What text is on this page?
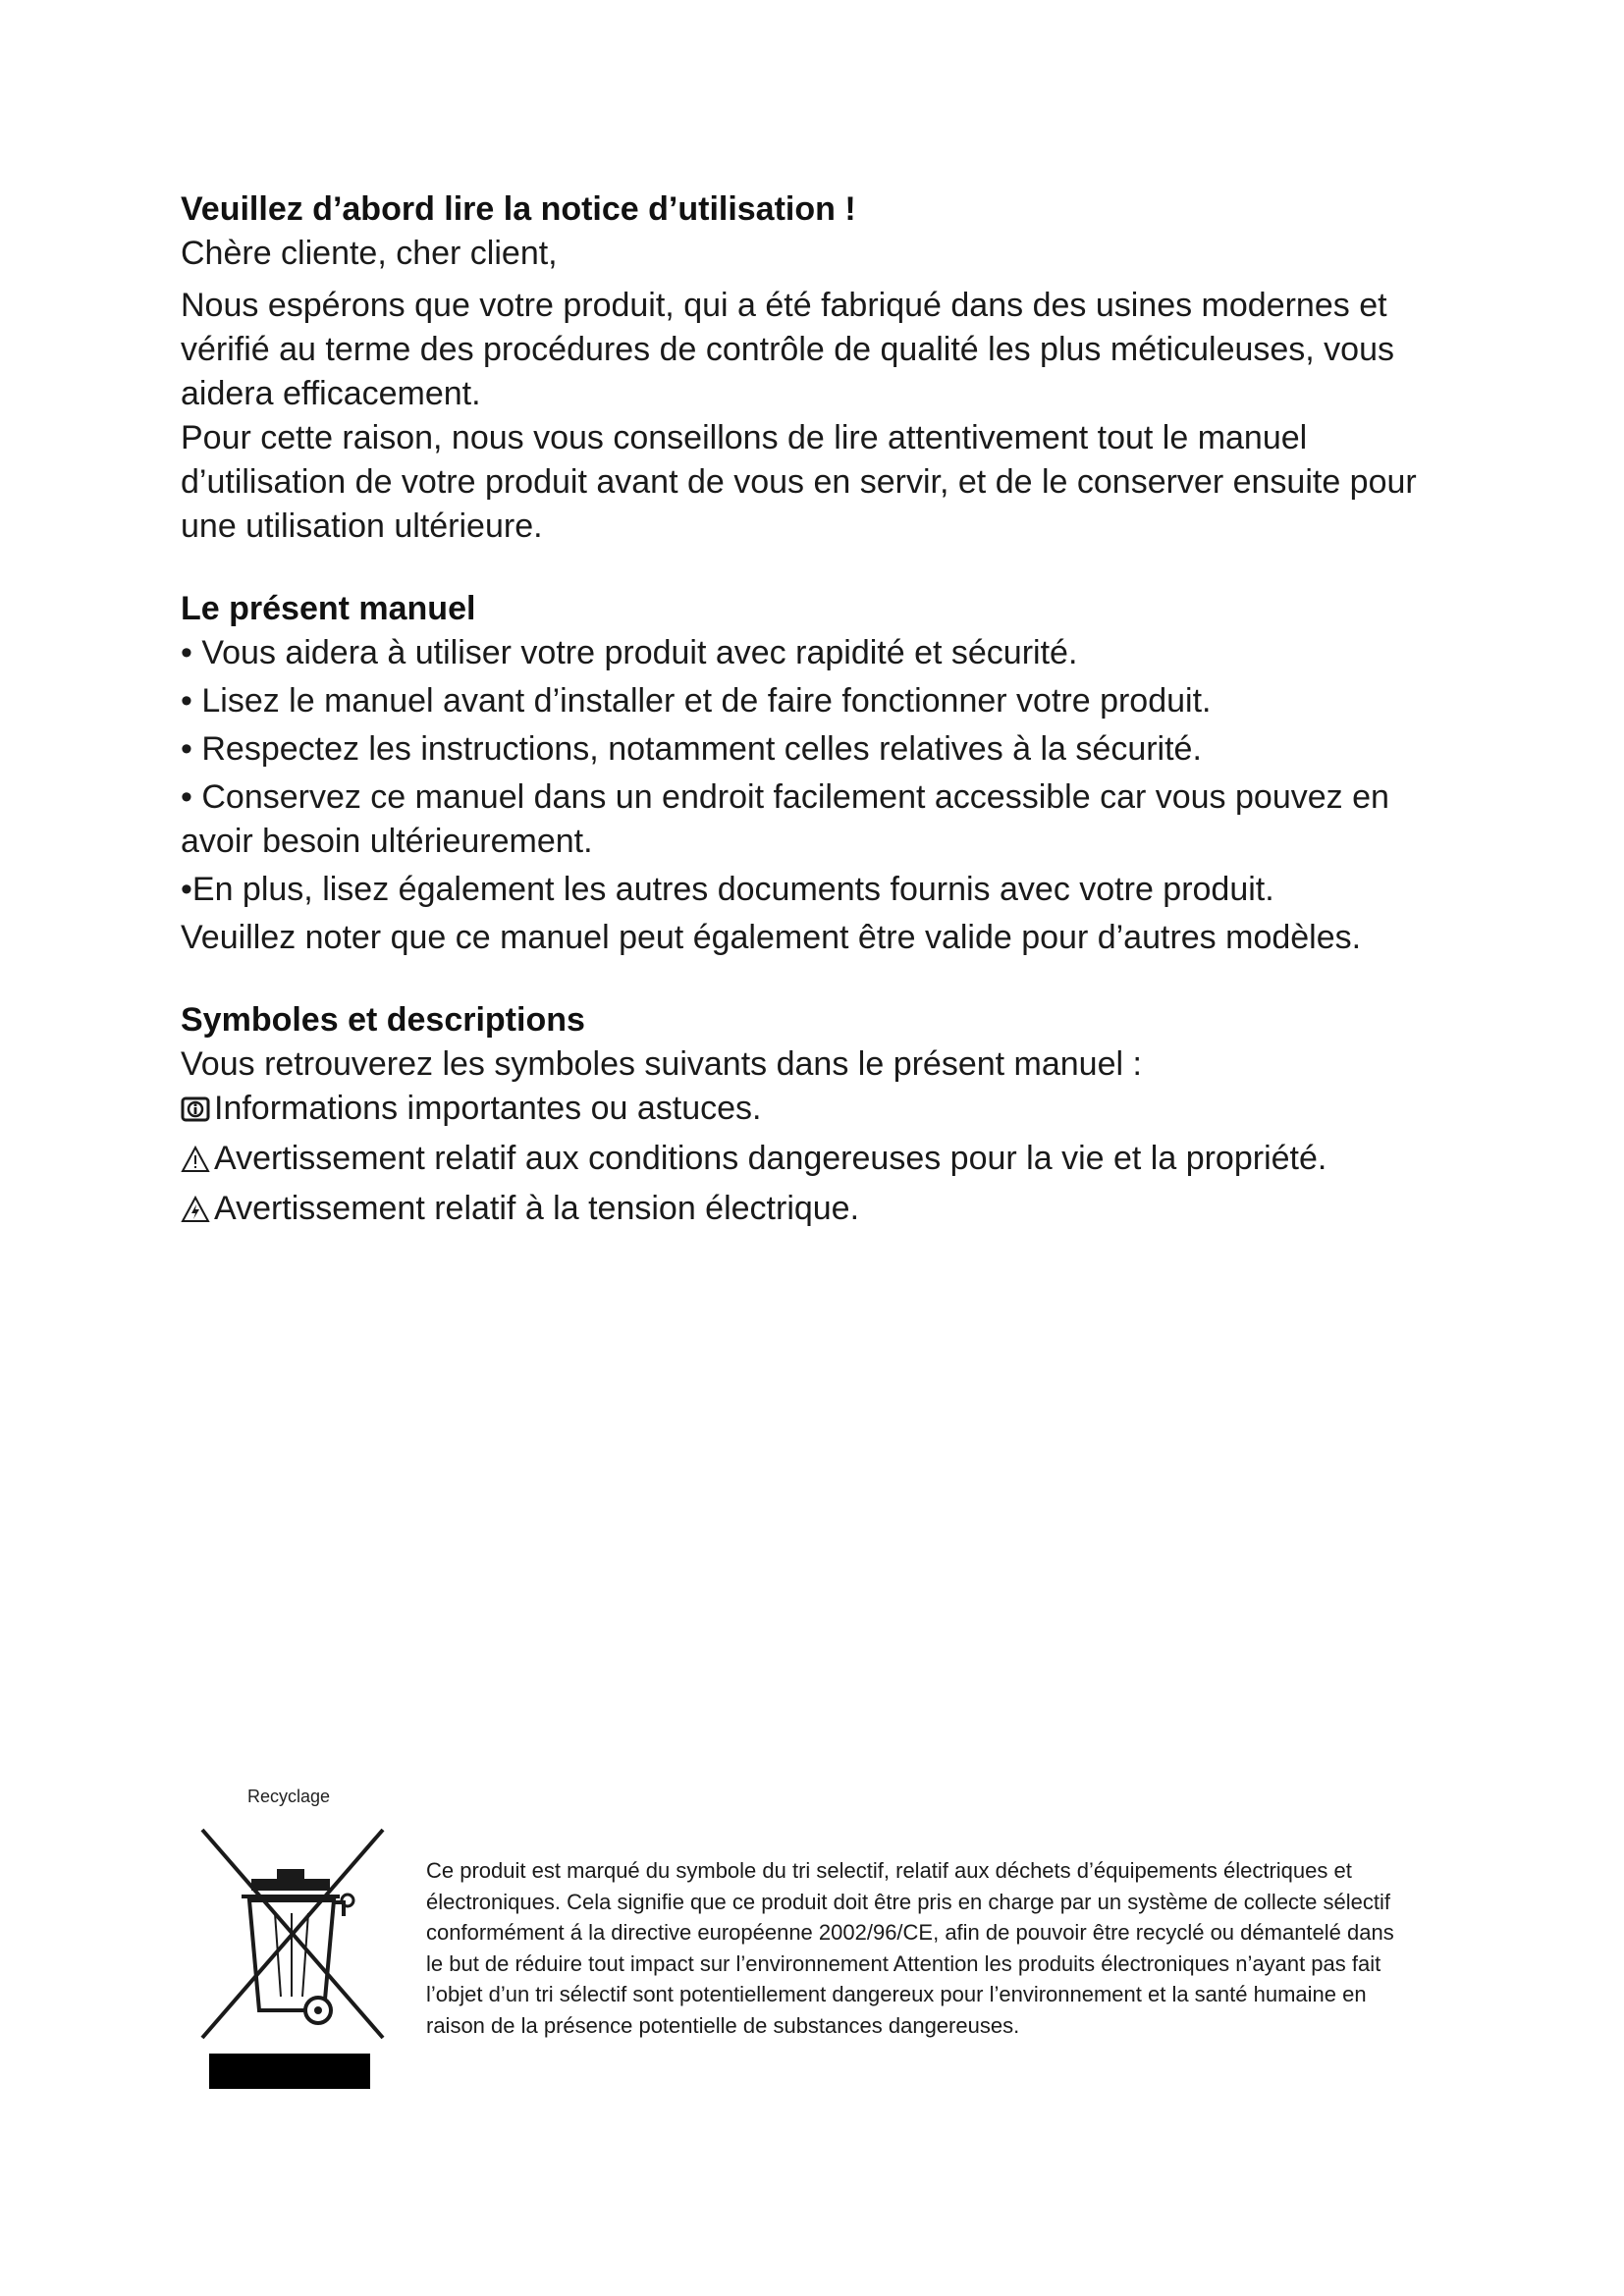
Veuillez d’abord lire la notice d’utilisation !

Chère cliente, cher client,

Nous espérons que votre produit, qui a été fabriqué dans des usines modernes et vérifié au terme des procédures de contrôle de qualité les plus méticuleuses, vous aidera efficacement.

Pour cette raison, nous vous conseillons de lire attentivement tout le manuel d’utilisation de votre produit avant de vous en servir, et de le conserver ensuite pour une utilisation ultérieure.

Le présent manuel

• Vous aidera à utiliser votre produit avec rapidité et sécurité.

• Lisez le manuel avant d’installer et de faire fonctionner votre produit.

• Respectez les instructions, notamment celles relatives à la sécurité.

• Conservez ce manuel dans un endroit facilement accessible car vous pouvez en avoir besoin ultérieurement.

•En plus, lisez également les autres documents fournis avec votre produit.

Veuillez noter que ce manuel peut également être valide pour d’autres modèles.

Symboles et descriptions

Vous retrouverez les symboles suivants dans le présent manuel :

Informations importantes ou astuces.
Avertissement relatif aux conditions dangereuses pour la vie et la propriété.
Avertissement relatif à la tension électrique.
Recyclage

Ce produit est marqué du symbole du tri selectif, relatif aux déchets d’équipements électriques et électroniques. Cela signifie que ce produit doit être pris en charge par un système de collecte sélectif conformément á la directive européenne 2002/96/CE, afin de pouvoir être recyclé ou démantelé dans le but de réduire tout impact sur l’environnement Attention les produits électroniques n’ayant pas fait l’objet d’un tri sélectif sont potentiellement dangereux pour l’environnement et la santé humaine en raison de la présence potentielle de substances dangereuses.
